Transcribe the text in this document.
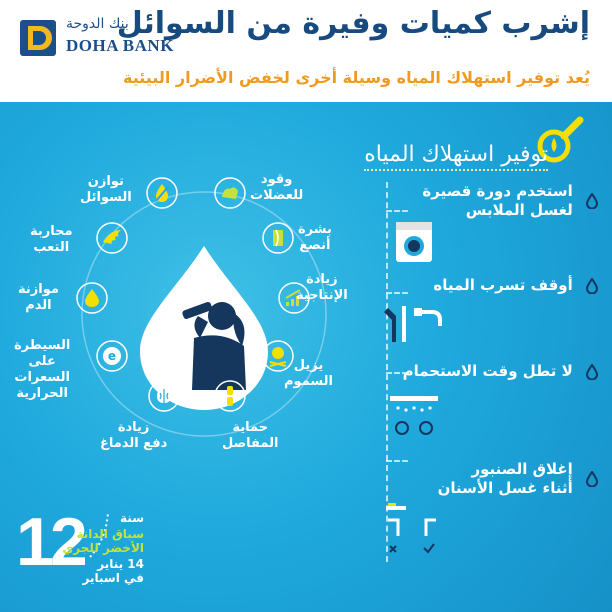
بنك الدوحة
DOHA BANK
إشرب كميات وفيرة من السوائل
يُعد توفير استهلاك المياه وسيلة أخرى لخفض الأضرار البيئية
توفير استهلاك المياه
وقود
للعضلات
بشرة
أنصع
زيادة
الإنتاجية
يزيل
السموم
حماية
المفاصل
زيادة
دفع الدماغ
e
السيطرة
على
السعرات
الحرارية
موازنة
الدم
محاربة
التعب
توازن
السوائل
	استخدم دورة قصيرة
لغسل الملابس

أوقف تسرب المياه

لا تطل وقت الاستحمام

إغلاق الصنبور
أثناء غسل الأسنان
12	سنة
سباق الدانة
الأخضر للجري
14 يناير
في اسباير
